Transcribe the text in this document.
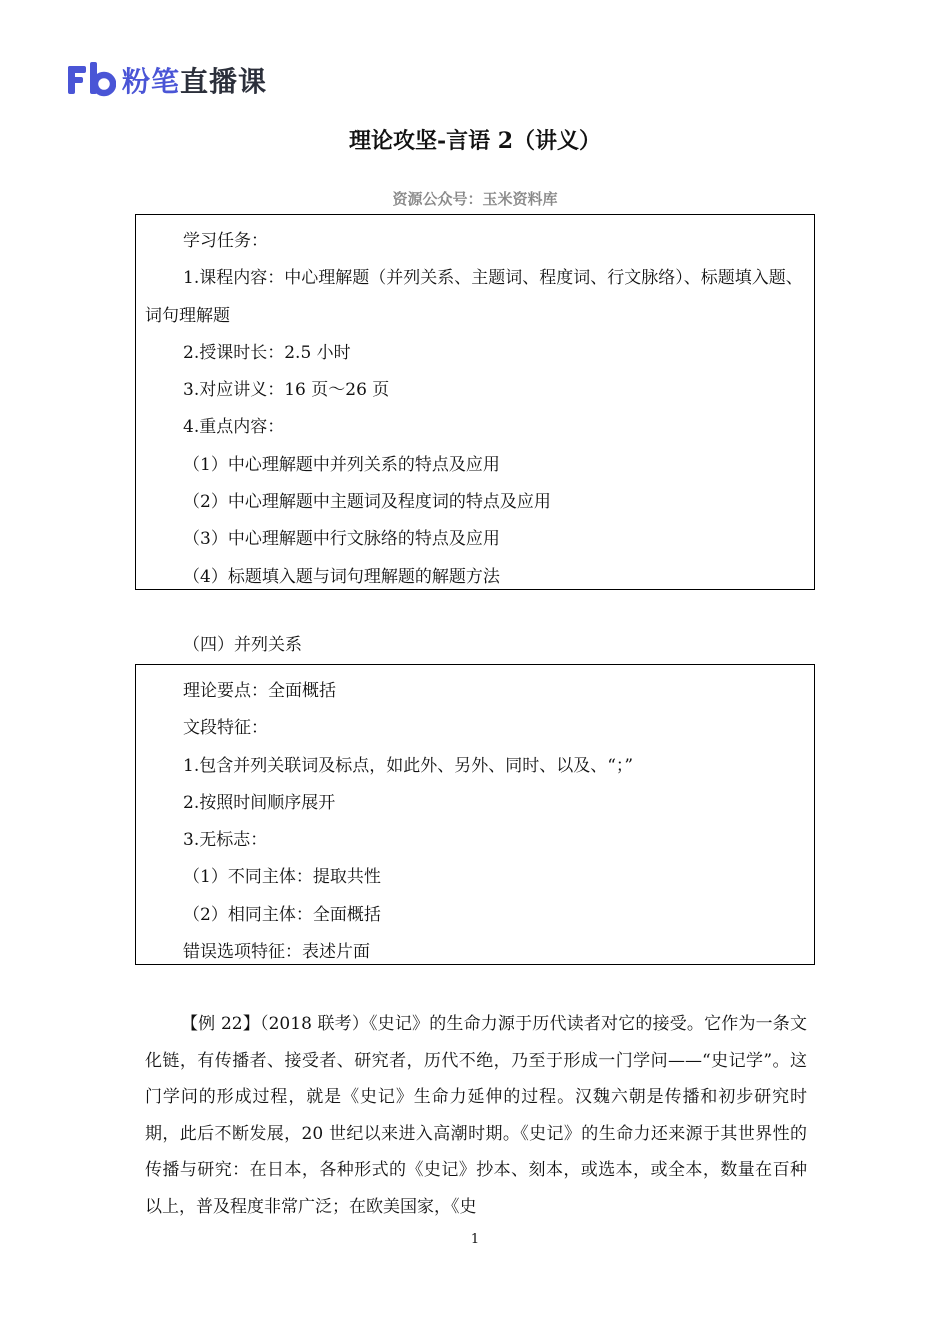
粉笔直播课
理论攻坚-言语 2（讲义）
资源公众号：玉米资料库
学习任务：
1.课程内容：中心理解题（并列关系、主题词、程度词、行文脉络）、标题填入题、词句理解题
2.授课时长：2.5 小时
3.对应讲义：16 页～26 页
4.重点内容：
（1）中心理解题中并列关系的特点及应用
（2）中心理解题中主题词及程度词的特点及应用
（3）中心理解题中行文脉络的特点及应用
（4）标题填入题与词句理解题的解题方法
（四）并列关系
理论要点：全面概括
文段特征：
1.包含并列关联词及标点，如此外、另外、同时、以及、“；”
2.按照时间顺序展开
3.无标志：
（1）不同主体：提取共性
（2）相同主体：全面概括
错误选项特征：表述片面
【例 22】（2018 联考）《史记》的生命力源于历代读者对它的接受。它作为一条文化链，有传播者、接受者、研究者，历代不绝，乃至于形成一门学问——“史记学”。这门学问的形成过程，就是《史记》生命力延伸的过程。汉魏六朝是传播和初步研究时期，此后不断发展，20 世纪以来进入高潮时期。《史记》的生命力还来源于其世界性的传播与研究：在日本，各种形式的《史记》抄本、刻本，或选本，或全本，数量在百种以上，普及程度非常广泛；在欧美国家，《史
1
